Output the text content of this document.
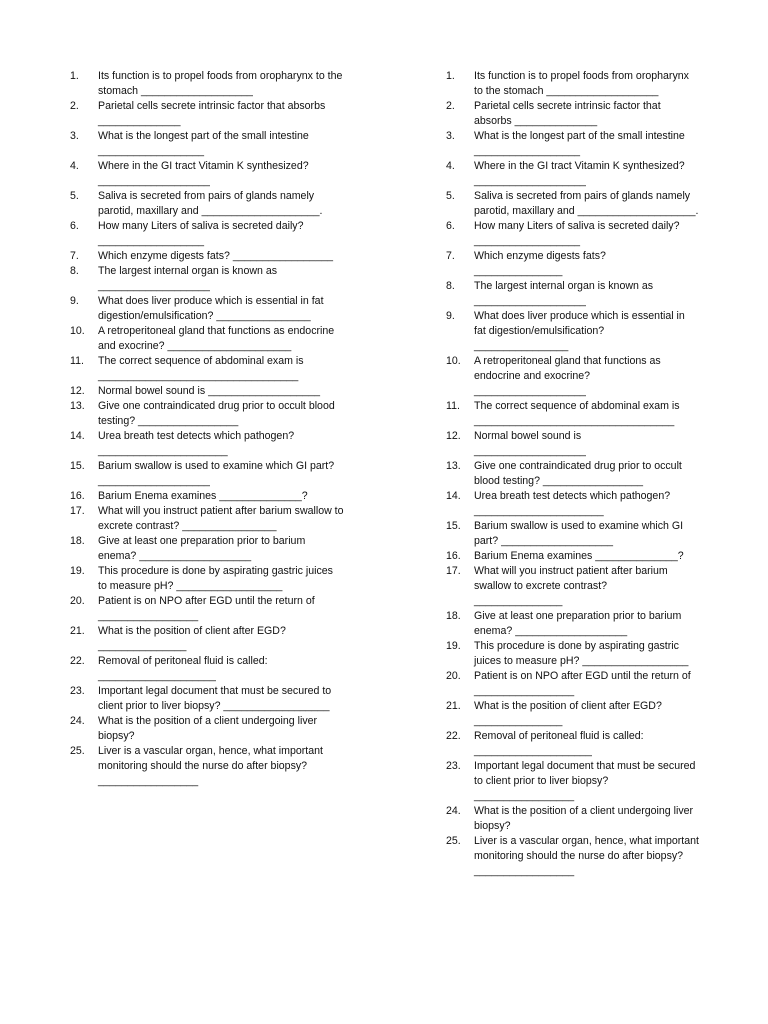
1.	Its function is to propel foods from oropharynx to the
stomach ___________________
2.	Parietal cells secrete intrinsic factor that absorbs
______________
3.	What is the longest part of the small intestine
__________________
4.	Where in the GI tract Vitamin K synthesized?
___________________
5.	Saliva is secreted from pairs of glands namely
parotid, maxillary and ____________________.
6.	How many Liters of saliva is secreted daily?
__________________
7.	Which enzyme digests fats? _________________
8.	The largest internal organ is known as
___________________
9.	What does liver produce which is essential in fat
digestion/emulsification? ________________
10.	A retroperitoneal gland that functions as endocrine
and exocrine? _____________________
11.	The correct sequence of abdominal exam is
__________________________________
12.	Normal bowel sound is ___________________
13.	Give one contraindicated drug prior to occult blood
testing? _________________
14.	Urea breath test detects which pathogen?
______________________
15.	Barium swallow is used to examine which GI part?
___________________
16.	Barium Enema examines ______________?
17.	What will you instruct patient after barium swallow to
excrete contrast? ________________
18.	Give at least one preparation prior to barium
enema? ___________________
19.	This procedure is done by aspirating gastric juices
to measure pH? __________________
20.	Patient is on NPO after EGD until the return of
_________________
21.	What is the position of client after EGD?
_______________
22.	Removal of peritoneal fluid is called:
____________________
23.	Important legal document that must be secured to
client prior to liver biopsy? __________________
24.	What is the position of a client undergoing liver
biopsy?
25.	Liver is a vascular organ, hence, what important
monitoring should the nurse do after biopsy?
_________________
1.	Its function is to propel foods from oropharynx
to the stomach ___________________
2.	Parietal cells secrete intrinsic factor that
absorbs ______________
3.	What is the longest part of the small intestine
__________________
4.	Where in the GI tract Vitamin K synthesized?
___________________
5.	Saliva is secreted from pairs of glands namely
parotid, maxillary and ____________________.
6.	How many Liters of saliva is secreted daily?
__________________
7.	Which enzyme digests fats?
_______________
8.	The largest internal organ is known as
___________________
9.	What does liver produce which is essential in
fat digestion/emulsification?
________________
10.	A retroperitoneal gland that functions as
endocrine and exocrine?
___________________
11.	The correct sequence of abdominal exam is
__________________________________
12.	Normal bowel sound is
___________________
13.	Give one contraindicated drug prior to occult
blood testing? _________________
14.	Urea breath test detects which pathogen?
______________________
15.	Barium swallow is used to examine which GI
part? ___________________
16.	Barium Enema examines ______________?
17.	What will you instruct patient after barium
swallow to excrete contrast?
_______________
18.	Give at least one preparation prior to barium
enema? ___________________
19.	This procedure is done by aspirating gastric
juices to measure pH? __________________
20.	Patient is on NPO after EGD until the return of
_________________
21.	What is the position of client after EGD?
_______________
22.	Removal of peritoneal fluid is called:
____________________
23.	Important legal document that must be secured
to client prior to liver biopsy?
_________________
24.	What is the position of a client undergoing liver
biopsy?
25.	Liver is a vascular organ, hence, what important
monitoring should the nurse do after biopsy?
_________________
